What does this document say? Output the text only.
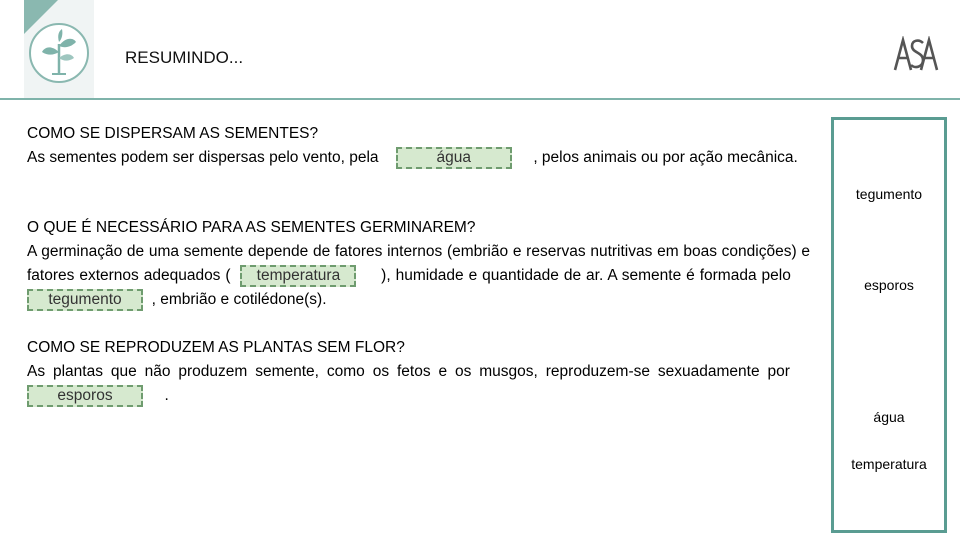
RESUMINDO...

COMO SE DISPERSAM AS SEMENTES?

As sementes podem ser dispersas pelo vento, pela	água	, pelos animais ou por ação mecânica.

O QUE É NECESSÁRIO PARA AS SEMENTES GERMINAREM?

A germinação de uma semente depende de fatores internos (embrião e reservas nutritivas em boas condições) e fatores externos adequados ( temperatura	), humidade e quantidade de ar. A semente é formada pelo    tegumento , embrião e cotilédone(s).

COMO SE REPRODUZEM AS PLANTAS SEM FLOR?

As plantas que não produzem semente, como os fetos e os musgos, reproduzem-se sexuadamente por   esporos	.

tegumento
esporos
água
temperatura
